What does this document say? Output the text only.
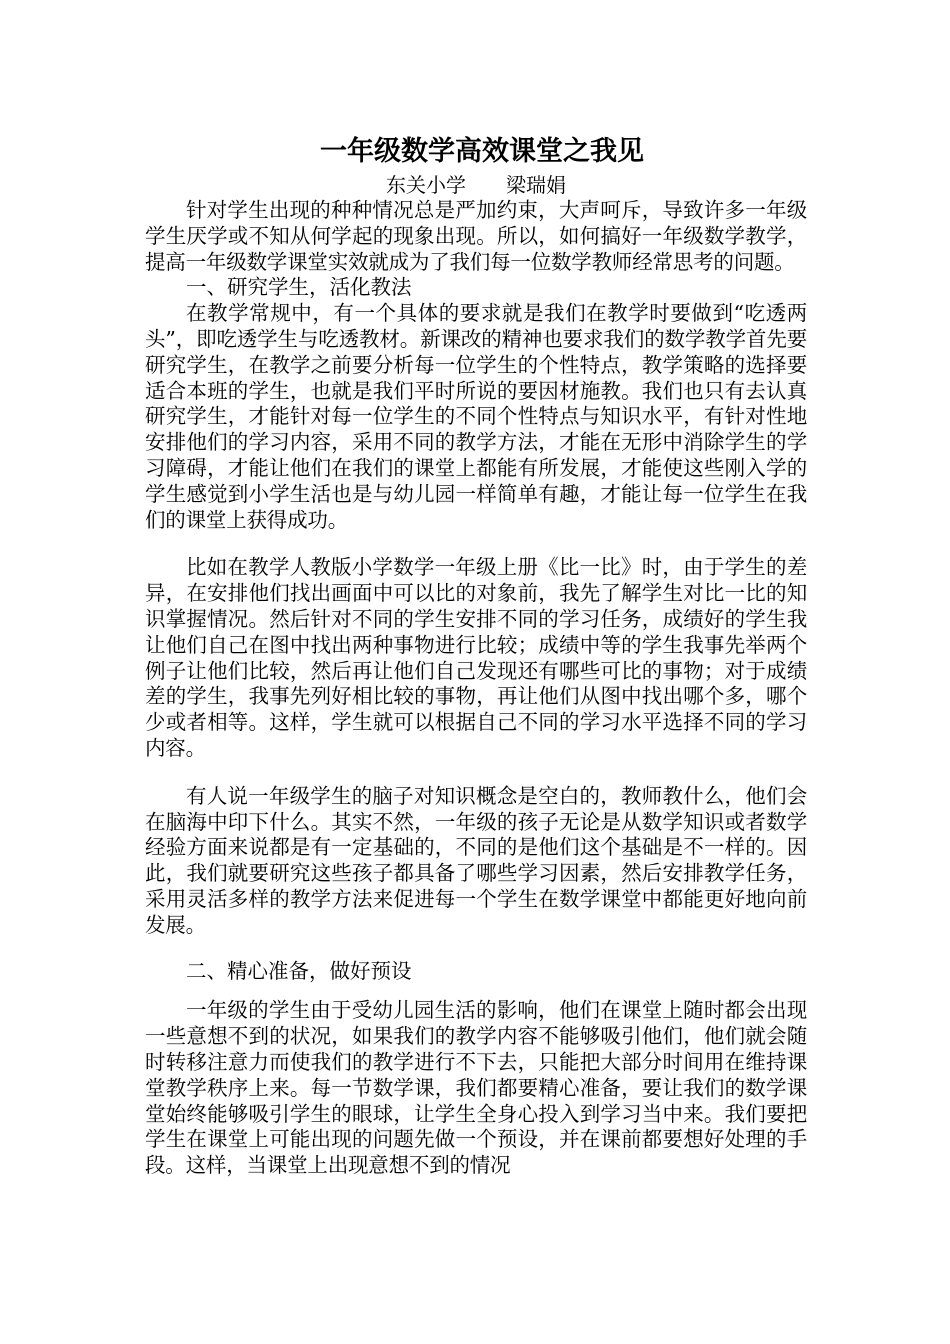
一年级数学高效课堂之我见

东关小学　　梁瑞娟

针对学生出现的种种情况总是严加约束，大声呵斥，导致许多一年级学生厌学或不知从何学起的现象出现。所以，如何搞好一年级数学教学，提高一年级数学课堂实效就成为了我们每一位数学教师经常思考的问题。

一、研究学生，活化教法

在教学常规中，有一个具体的要求就是我们在教学时要做到“吃透两头”，即吃透学生与吃透教材。新课改的精神也要求我们的数学教学首先要研究学生，在教学之前要分析每一位学生的个性特点，教学策略的选择要适合本班的学生，也就是我们平时所说的要因材施教。我们也只有去认真研究学生，才能针对每一位学生的不同个性特点与知识水平，有针对性地安排他们的学习内容，采用不同的教学方法，才能在无形中消除学生的学习障碍，才能让他们在我们的课堂上都能有所发展，才能使这些刚入学的学生感觉到小学生活也是与幼儿园一样简单有趣，才能让每一位学生在我们的课堂上获得成功。

比如在教学人教版小学数学一年级上册《比一比》时，由于学生的差异，在安排他们找出画面中可以比的对象前，我先了解学生对比一比的知识掌握情况。然后针对不同的学生安排不同的学习任务，成绩好的学生我让他们自己在图中找出两种事物进行比较；成绩中等的学生我事先举两个例子让他们比较，然后再让他们自己发现还有哪些可比的事物；对于成绩差的学生，我事先列好相比较的事物，再让他们从图中找出哪个多，哪个少或者相等。这样，学生就可以根据自己不同的学习水平选择不同的学习内容。

有人说一年级学生的脑子对知识概念是空白的，教师教什么，他们会在脑海中印下什么。其实不然，一年级的孩子无论是从数学知识或者数学经验方面来说都是有一定基础的，不同的是他们这个基础是不一样的。因此，我们就要研究这些孩子都具备了哪些学习因素，然后安排教学任务，采用灵活多样的教学方法来促进每一个学生在数学课堂中都能更好地向前发展。

二、精心准备，做好预设

一年级的学生由于受幼儿园生活的影响，他们在课堂上随时都会出现一些意想不到的状况，如果我们的教学内容不能够吸引他们，他们就会随时转移注意力而使我们的教学进行不下去，只能把大部分时间用在维持课堂教学秩序上来。每一节数学课，我们都要精心准备，要让我们的数学课堂始终能够吸引学生的眼球，让学生全身心投入到学习当中来。我们要把学生在课堂上可能出现的问题先做一个预设，并在课前都要想好处理的手段。这样，当课堂上出现意想不到的情况
